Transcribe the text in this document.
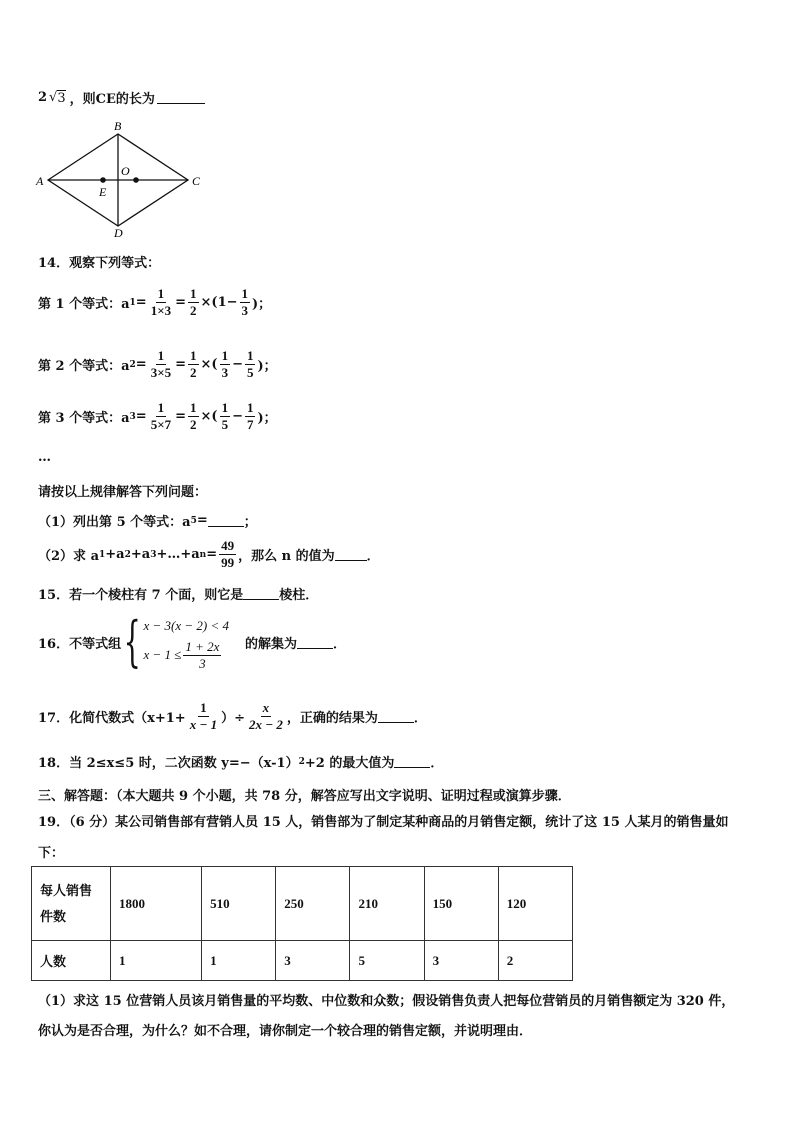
2 √ 3 ，则CE的长为
A
B
C
D
E
O
14．观察下列等式：
第 1 个等式：a $1 = \frac{1}{1\times 3} = \frac{1}{2} \times(1- \frac{1}{3}$ )；
第 2 个等式：a $2 = \frac{1}{3\times 5} = \frac{1}{2}$ ×( $\frac{1}{3} - \frac{1}{5}$ )；
第 3 个等式：a $3 = \frac{1}{5\times 7} = \frac{1}{2}$ ×( $\frac{1}{5} - \frac{1}{7}$ )；
…
请按以上规律解答下列问题：
（1）列出第 5 个等式：a 5 =	；
（2）求 a 1 +a 2 +a 3 +…+a $n = \frac{49}{99}$ ，那么 n 的值为 ．
15．若一个棱柱有 7 个面，则它是	棱柱．
16．不等式组 { x − 3(x − 2) < 4
$x - 1 \le \frac{1 + 2x}{3}$ 的解集为	．
17．化简代数式（$x+1+ \frac{1}{x - 1}$ ）÷ $\frac{x}{2x - 2}$ ，正确的结果为	．
18．当 2≤x≤5 时，二次函数 y=−（x-1） 2 +2 的最大值为	．
三、解答题：（本大题共 9 个小题，共 78 分，解答应写出文字说明、证明过程或演算步骤．
19．（6 分）某公司销售部有营销人员 15 人，销售部为了制定某种商品的月销售定额，统计了这 15 人某月的销售量如
下：
每人销售
件数	1800	510	250	210	150	120
人数	1	1	3	5	3	2
（1）求这 15 位营销人员该月销售量的平均数、中位数和众数；假设销售负责人把每位营销员的月销售额定为 320 件，
你认为是否合理，为什么？如不合理，请你制定一个较合理的销售定额，并说明理由．
